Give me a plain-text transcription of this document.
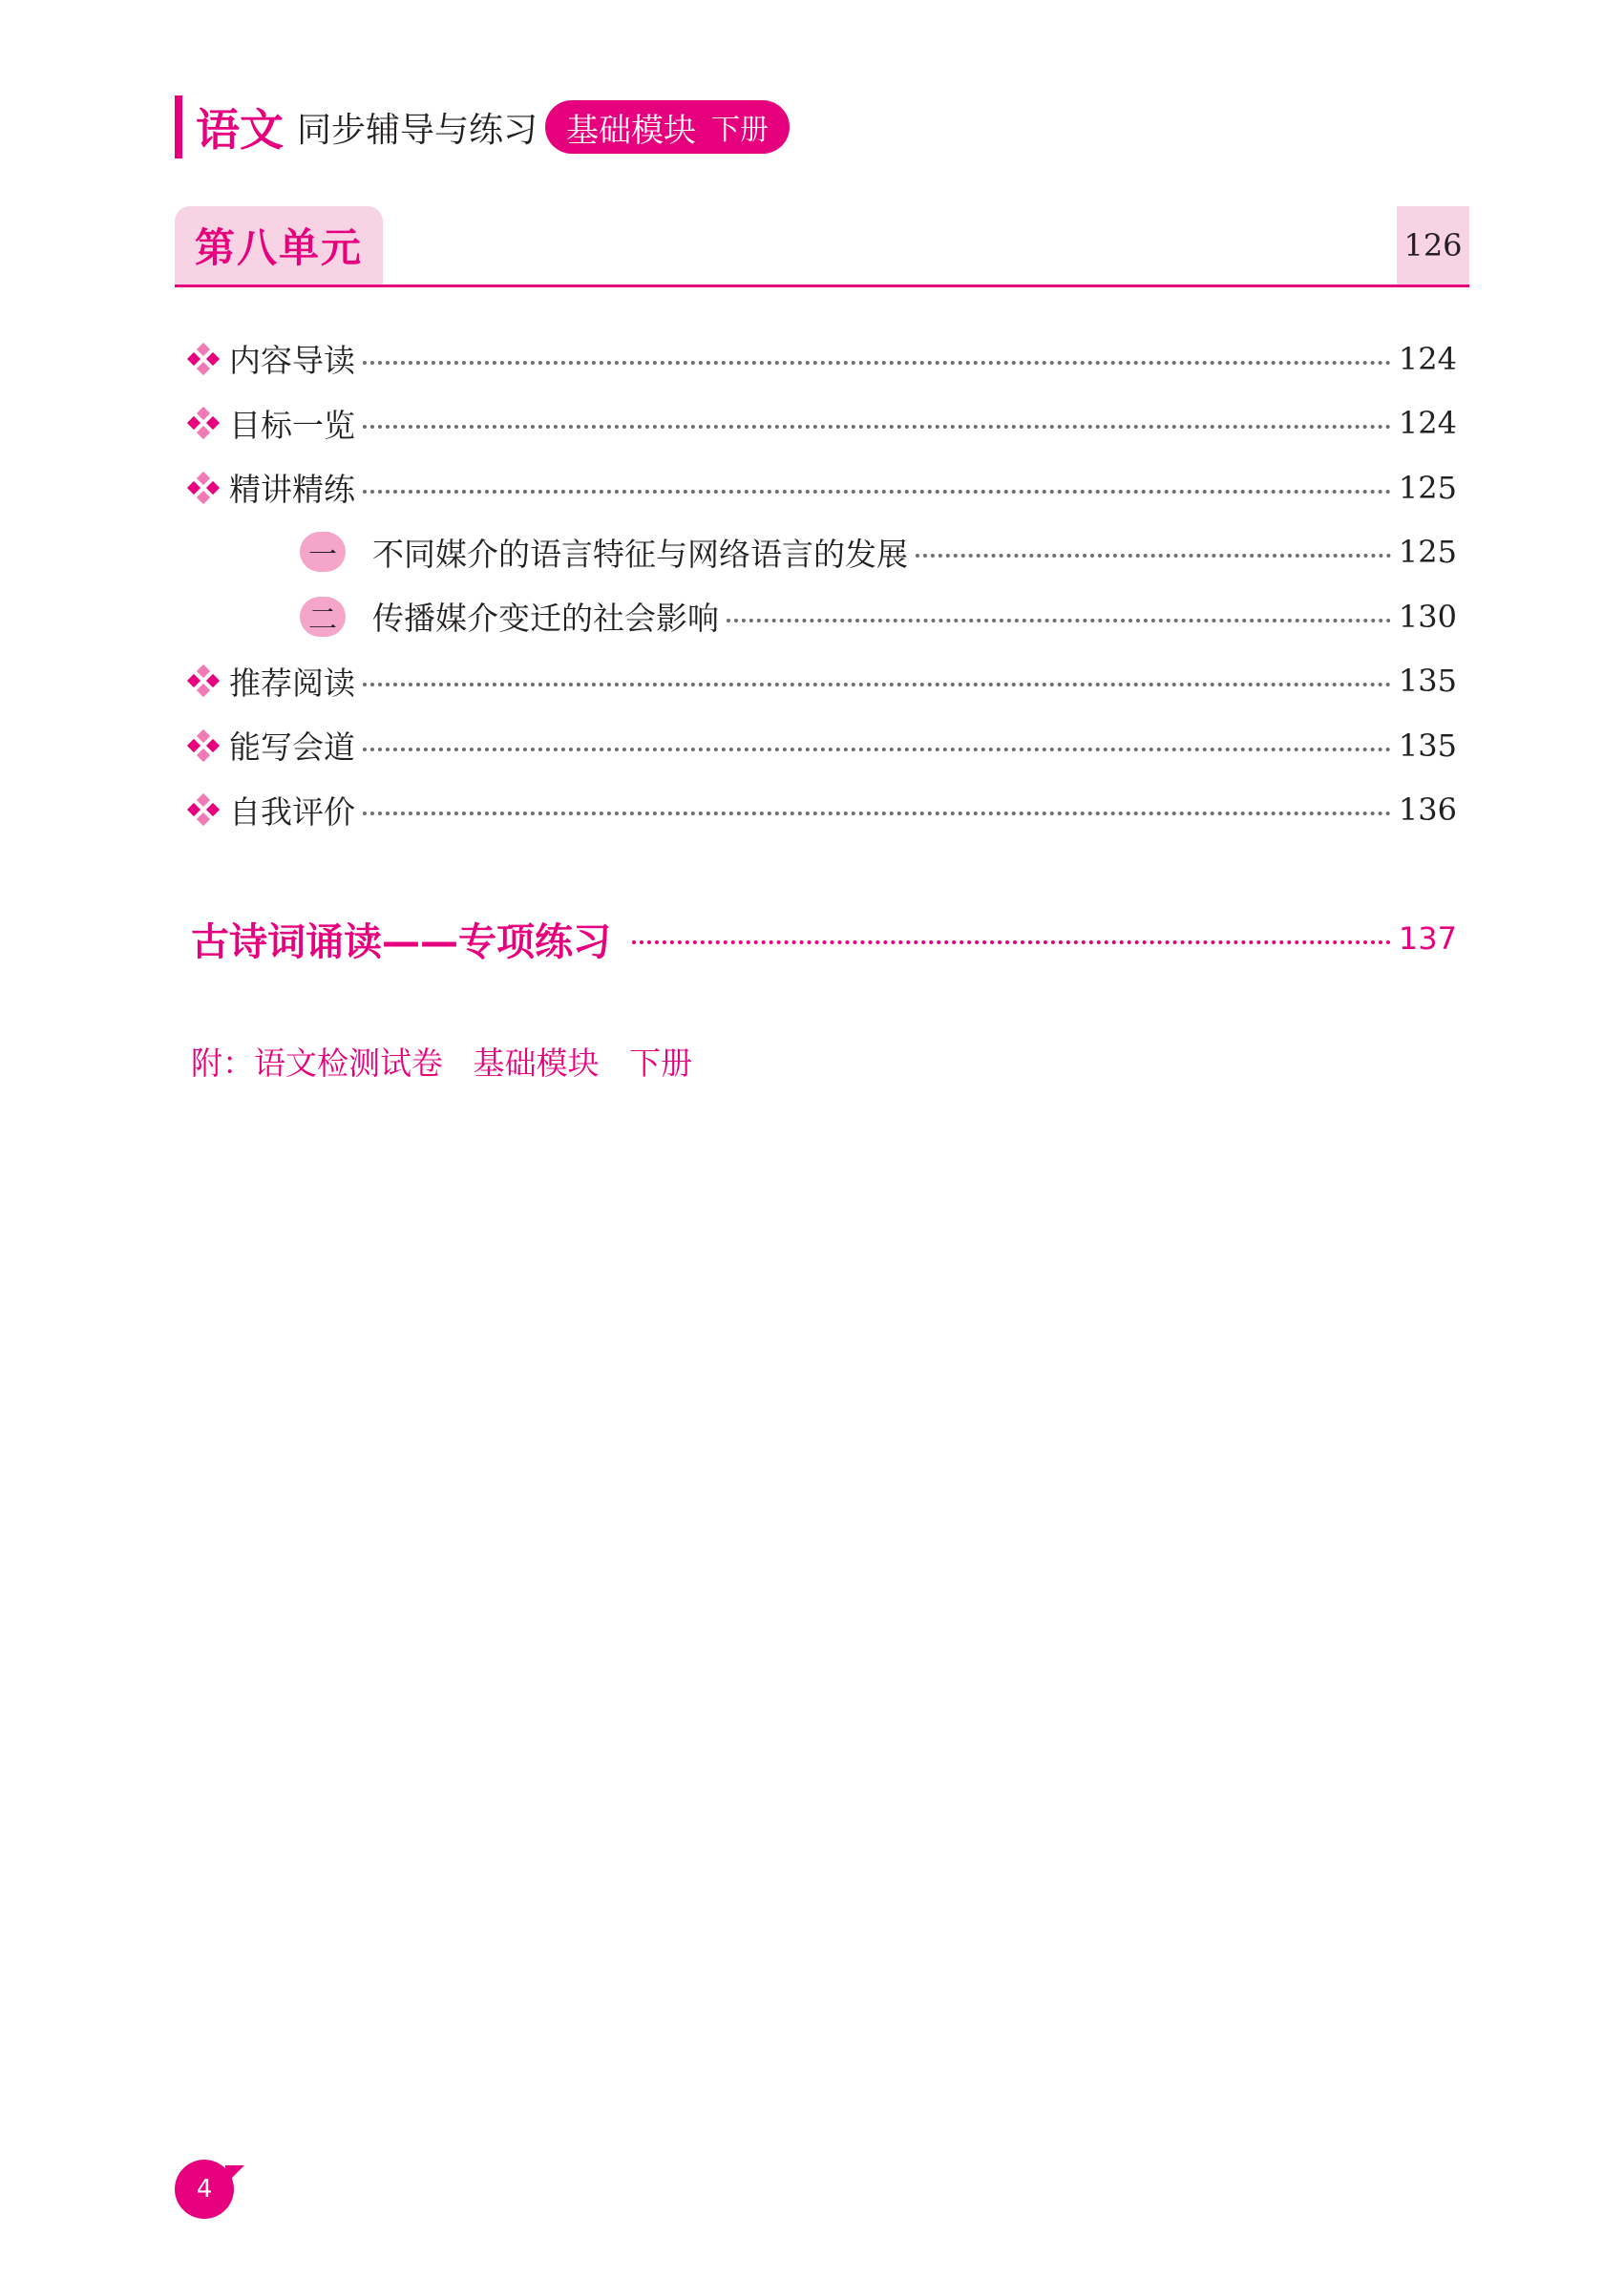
语文 同步辅导与练习 基础模块 下册
第八单元	126
内容导读	124
目标一览	124
精讲精练	125
一 不同媒介的语言特征与网络语言的发展	125
二 传播媒介变迁的社会影响	130
推荐阅读	135
能写会道	135
自我评价	136
古诗词诵读——专项练习	137
附：语文检测试卷   基础模块   下册
4
